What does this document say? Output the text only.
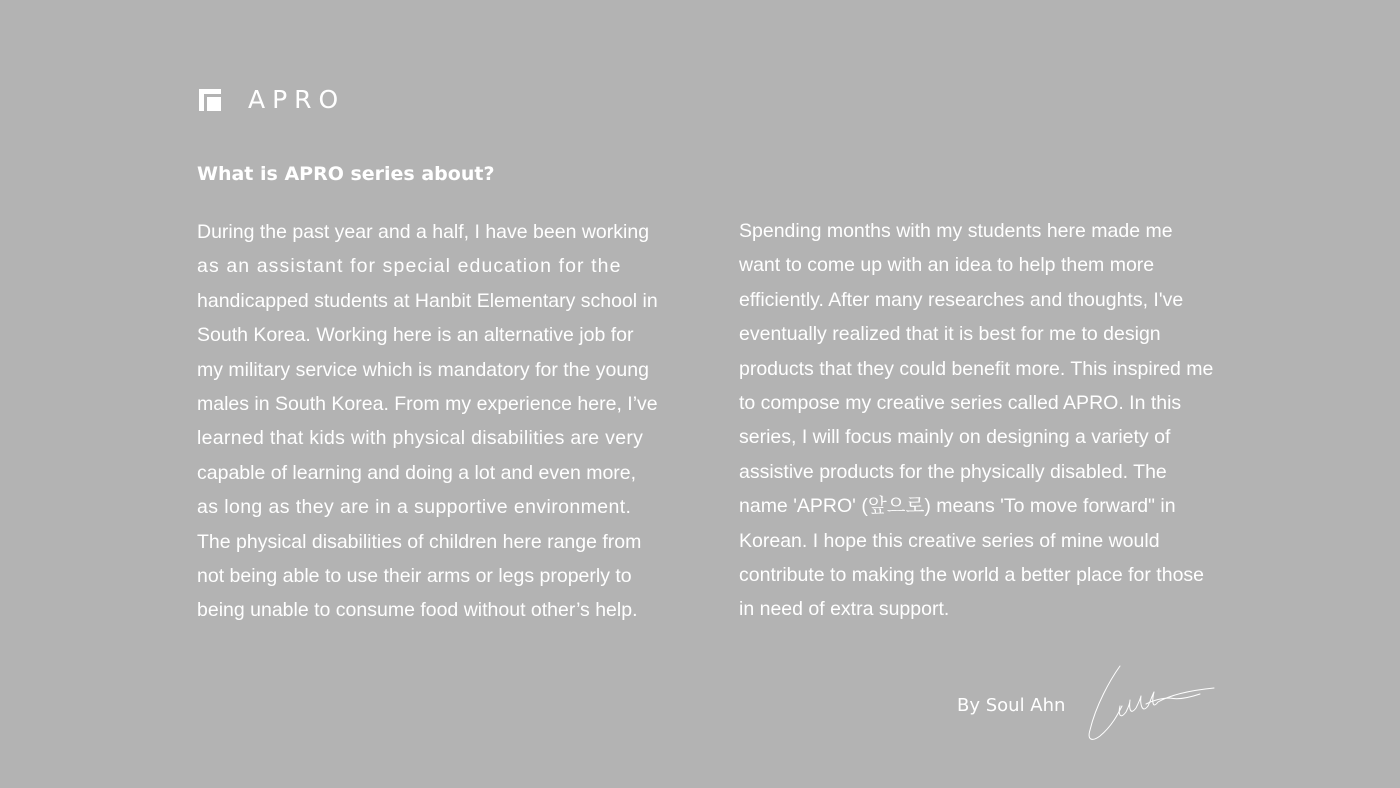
APRO
What is APRO series about?
During the past year and a half, I have been working
as an assistant for special education for the
handicapped students at Hanbit Elementary school in
South Korea. Working here is an alternative job for
my military service which is mandatory for the young
males in South Korea. From my experience here, I’ve
learned that kids with physical disabilities are very
capable of learning and doing a lot and even more,
as long as they are in a supportive environment.
The physical disabilities of children here range from
not being able to use their arms or legs properly to
being unable to consume food without other’s help.
Spending months with my students here made me
want to come up with an idea to help them more
efficiently. After many researches and thoughts, I've
eventually realized that it is best for me to design
products that they could benefit more. This inspired me
to compose my creative series called APRO. In this
series, I will focus mainly on designing a variety of
assistive products for the physically disabled. The
name 'APRO' (앞으로) means 'To move forward" in
Korean. I hope this creative series of mine would
contribute to making the world a better place for those
in need of extra support.
By Soul Ahn
